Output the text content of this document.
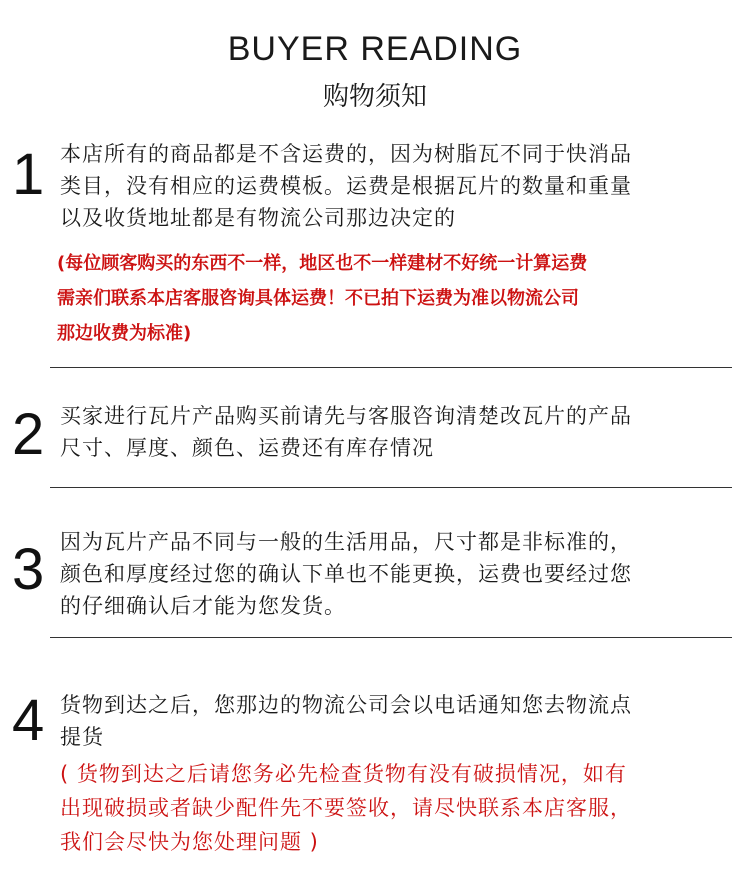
BUYER READING
购物须知
1 本店所有的商品都是不含运费的，因为树脂瓦不同于快消品
类目，没有相应的运费模板。运费是根据瓦片的数量和重量
以及收货地址都是有物流公司那边决定的
(每位顾客购买的东西不一样，地区也不一样建材不好统一计算运费
需亲们联系本店客服咨询具体运费！不已拍下运费为准以物流公司
那边收费为标准)
2 买家进行瓦片产品购买前请先与客服咨询清楚改瓦片的产品
尺寸、厚度、颜色、运费还有库存情况
3 因为瓦片产品不同与一般的生活用品，尺寸都是非标准的，
颜色和厚度经过您的确认下单也不能更换，运费也要经过您
的仔细确认后才能为您发货。
4 货物到达之后，您那边的物流公司会以电话通知您去物流点
提货
( 货物到达之后请您务必先检查货物有没有破损情况，如有
出现破损或者缺少配件先不要签收，请尽快联系本店客服，
我们会尽快为您处理问题 )
